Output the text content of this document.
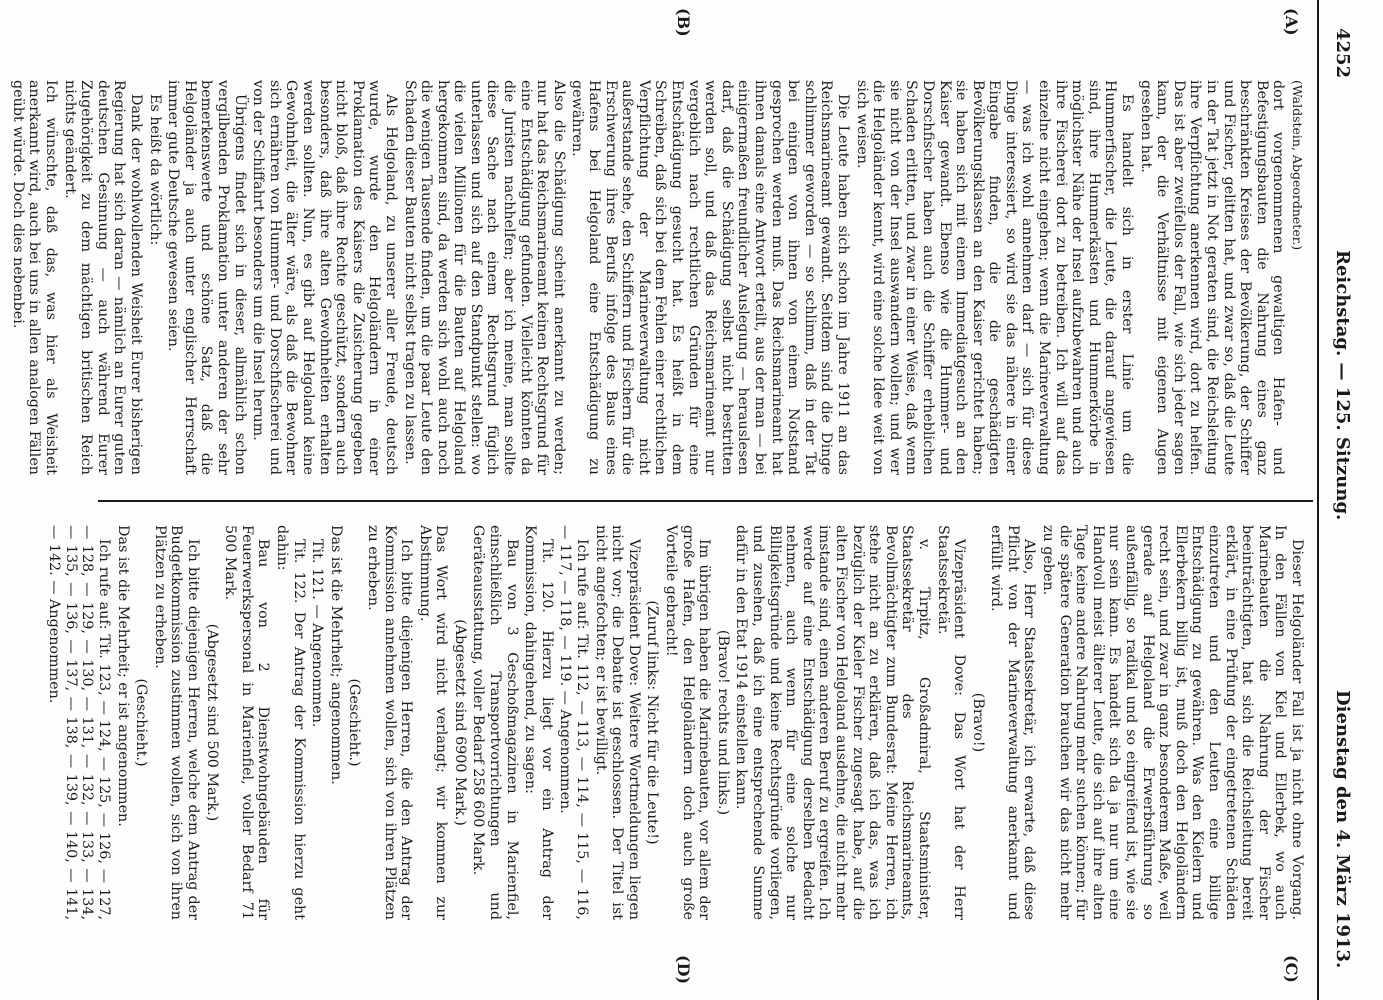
4252
Reichstag. — 125. Sitzung.
Dienstag den 4. März 1913.
(A)
(B)
(C)
(D)

(Waldstein, Abgeordneter.)

dort vorgenommenen gewaltigen Hafen- und Befestigungsbauten die Nahrung eines ganz beschränkten Kreises der Bevölkerung, der Schiffer und Fischer, gelitten hat, und zwar so, daß die Leute in der Tat jetzt in Not geraten sind, die Reichsleitung ihre Verpflichtung anerkennen wird, dort zu helfen. Das ist aber zweifellos der Fall, wie sich jeder sagen kann, der die Verhältnisse mit eigenen Augen gesehen hat.

Es handelt sich in erster Linie um die Hummerfischer, die Leute, die darauf angewiesen sind, ihre Hummerkästen und Hummerkörbe in möglichster Nähe der Insel aufzubewahren und auch ihre Fischerei dort zu betreiben. Ich will auf das einzelne nicht eingehen; wenn die Marineverwaltung — was ich wohl annehmen darf — sich für diese Dinge interessiert, so wird sie das nähere in einer Eingabe finden, die die geschädigten Bevölkerungsklassen an den Kaiser gerichtet haben; sie haben sich mit einem Immediatgesuch an den Kaiser gewandt. Ebenso wie die Hummer- und Dorschfischer haben auch die Schiffer erheblichen Schaden erlitten, und zwar in einer Weise, daß wenn sie nicht von der Insel auswandern wollen; und wer die Helgoländer kennt, wird eine solche Idee weit von sich weisen.

Die Leute haben sich schon im Jahre 1911 an das Reichsmarineamt gewandt. Seitdem sind die Dinge schlimmer geworden — so schlimm, daß in der Tat bei einigen von ihnen von einem Notstand gesprochen werden muß. Das Reichsmarineamt hat ihnen damals eine Antwort erteilt, aus der man — bei einigermaßen freundlicher Auslegung — herauslesen darf, daß die Schädigung selbst nicht bestritten werden soll, und daß das Reichsmarineamt nur vergeblich nach rechtlichen Gründen für eine Entschädigung gesucht hat. Es heißt in dem Schreiben, daß sich bei dem Fehlen einer rechtlichen Verpflichtung der Marineverwaltung nicht außerstande sehe, den Schiffern und Fischern für die Erschwerung ihres Berufs infolge des Baus eines Hafens bei Helgoland eine Entschädigung zu gewähren.

Also die Schädigung scheint anerkannt zu werden; nur hat das Reichsmarineamt keinen Rechtsgrund für eine Entschädigung gefunden. Vielleicht könnten da die Juristen nachhelfen; aber ich meine, man sollte diese Sache nach einem Rechtsgrund füglich unterlassen und sich auf den Standpunkt stellen: wo die vielen Millionen für die Bauten auf Helgoland hergekommen sind, da werden sich wohl auch noch die wenigen Tausende finden, um die paar Leute den Schaden dieser Bauten nicht selbst tragen zu lassen.

Als Helgoland, zu unserer aller Freude, deutsch wurde, wurde den Helgoländern in einer Proklamation des Kaisers die Zusicherung gegeben nicht bloß, daß ihre Rechte geschützt, sondern auch besonders, daß ihre alten Gewohnheiten erhalten werden sollten. Nun, es gibt auf Helgoland keine Gewohnheit, die älter wäre, als daß die Bewohner sich ernähren von Hummer- und Dorschfischerei und von der Schiffahrt besonders um die Insel herum.

Übrigens findet sich in dieser, allmählich schon vergilbenden Proklamation unter anderen der sehr bemerkenswerte und schöne Satz, daß die Helgoländer ja auch unter englischer Herrschaft immer gute Deutsche gewesen seien.

Es heißt da wörtlich:

Dank der wohlwollenden Weisheit Eurer bisherigen Regierung hat sich daran — nämlich an Eurer guten deutschen Gesinnung — auch während Eurer Zugehörigkeit zu dem mächtigen britischen Reich nichts geändert.

Ich wünschte, daß das, was hier als Weisheit anerkannt wird, auch bei uns in allen analogen Fällen geübt würde. Doch dies nebenbei.

Dieser Helgoländer Fall ist ja nicht ohne Vorgang. In den Fällen von Kiel und Ellerbek, wo auch Marinebauten die Nahrung der Fischer beeinträchtigten, hat sich die Reichsleitung bereit erklärt, in eine Prüfung der eingetretenen Schäden einzutreten und den Leuten eine billige Entschädigung zu gewähren. Was den Kielern und Ellerbekern billig ist, muß doch den Helgoländern recht sein, und zwar in ganz besonderem Maße, weil gerade auf Helgoland die Erwerbsführung so außenfällig, so radikal und so eingreifend ist, wie sie nur sein kann. Es handelt sich da ja nur um eine Handvoll meist älterer Leute, die sich auf ihre alten Tage keine andere Nahrung mehr suchen können; für die spätere Generation brauchen wir das nicht mehr zu geben.

Also, Herr Staatssekretär, ich erwarte, daß diese Pflicht von der Marineverwaltung anerkannt und erfüllt wird.

(Bravo!)

Vizepräsident Dove: Das Wort hat der Herr Staatssekretär.

v. Tirpitz, Großadmiral, Staatsminister, Staatssekretär des Reichsmarineamts, Bevollmächtigter zum Bundesrat: Meine Herren, ich stehe nicht an zu erklären, daß ich das, was ich bezüglich der Kieler Fischer zugesagt habe, auf die alten Fischer von Helgoland ausdehne, die nicht mehr imstande sind, einen anderen Beruf zu ergreifen. Ich werde auf eine Entschädigung derselben Bedacht nehmen, auch wenn für eine solche nur Billigkeitsgründe und keine Rechtsgründe vorliegen, und zusehen, daß ich eine entsprechende Summe dafür in den Etat 1914 einstellen kann.

(Bravo! rechts und links.)

Im übrigen haben die Marinebauten, vor allem der große Hafen, den Helgoländern doch auch große Vorteile gebracht!

(Zuruf links: Nicht für die Leute!)

Vizepräsident Dove: Weitere Wortmeldungen liegen nicht vor; die Debatte ist geschlossen. Der Titel ist nicht angefochten; er ist bewilligt.

Ich rufe auf: Tit. 112, — 113, — 114, — 115, — 116, — 117, — 118, — 119. — Angenommen.

Tit. 120. Hierzu liegt vor ein Antrag der Kommission, dahingehend, zu sagen:

Bau von 3 Geschoßmagazinen in Marienfiel, einschließlich Transportvorrichtungen und Geräteausstattung, voller Bedarf 258 600 Mark.

(Abgesetzt sind 6900 Mark.)

Das Wort wird nicht verlangt; wir kommen zur Abstimmung.

Ich bitte diejenigen Herren, die den Antrag der Kommission annehmen wollen, sich von ihren Plätzen zu erheben.

(Geschieht.)

Das ist die Mehrheit; angenommen.

Tit. 121. — Angenommen.

Tit. 122. Der Antrag der Kommission hierzu geht dahin:

Bau von 2 Dienstwohngebäuden für Feuerwerkspersonal in Marienfiel, voller Bedarf 71 500 Mark.

(Abgesetzt sind 500 Mark.)

Ich bitte diejenigen Herren, welche dem Antrag der Budgetkommission zustimmen wollen, sich von ihren Plätzen zu erheben.

(Geschieht.)

Das ist die Mehrheit; er ist angenommen.

Ich rufe auf: Tit. 123, — 124, — 125, — 126, — 127, — 128, — 129, — 130, — 131, — 132, — 133, — 134, — 135, — 136, — 137, — 138, — 139, — 140, — 141, — 142. — Angenommen.
